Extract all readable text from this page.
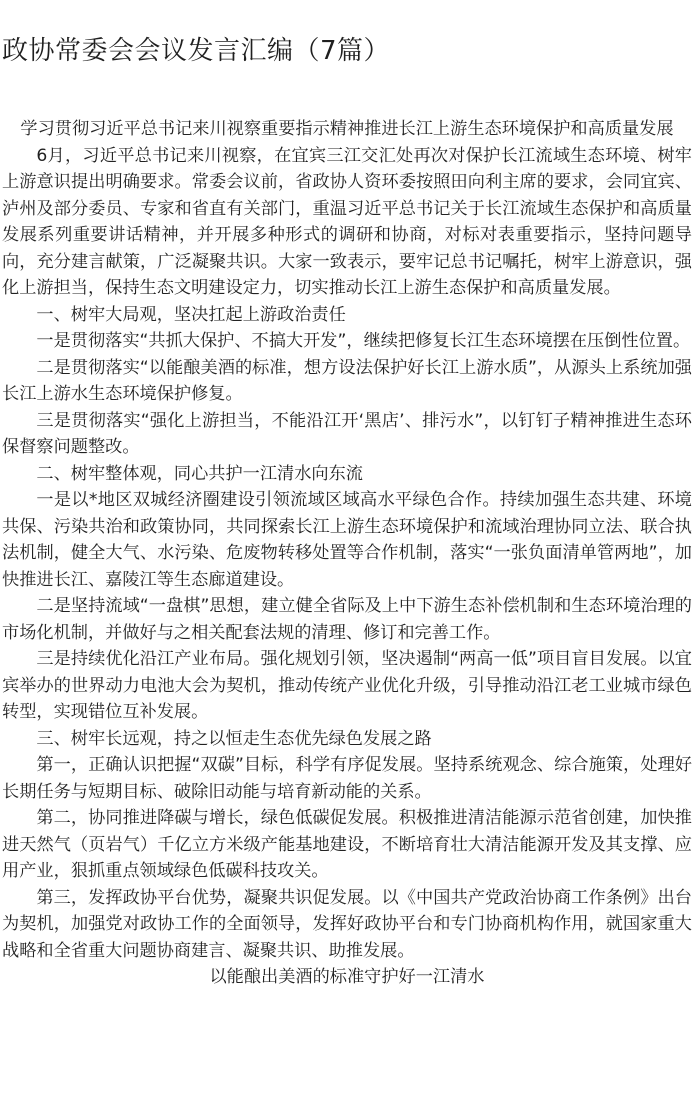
政协常委会会议发言汇编（7篇）
学习贯彻习近平总书记来川视察重要指示精神推进长江上游生态环境保护和高质量发展

6月，习近平总书记来川视察，在宜宾三江交汇处再次对保护长江流域生态环境、树牢上游意识提出明确要求。常委会议前，省政协人资环委按照田向利主席的要求，会同宜宾、泸州及部分委员、专家和省直有关部门，重温习近平总书记关于长江流域生态保护和高质量发展系列重要讲话精神，并开展多种形式的调研和协商，对标对表重要指示，坚持问题导向，充分建言献策，广泛凝聚共识。大家一致表示，要牢记总书记嘱托，树牢上游意识，强化上游担当，保持生态文明建设定力，切实推动长江上游生态保护和高质量发展。

一、树牢大局观，坚决扛起上游政治责任

一是贯彻落实“共抓大保护、不搞大开发”，继续把修复长江生态环境摆在压倒性位置。

二是贯彻落实“以能酿美酒的标准，想方设法保护好长江上游水质”，从源头上系统加强长江上游水生态环境保护修复。

三是贯彻落实“强化上游担当，不能沿江开‘黑店’、排污水”，以钉钉子精神推进生态环保督察问题整改。

二、树牢整体观，同心共护一江清水向东流

一是以*地区双城经济圈建设引领流域区域高水平绿色合作。持续加强生态共建、环境共保、污染共治和政策协同，共同探索长江上游生态环境保护和流域治理协同立法、联合执法机制，健全大气、水污染、危废物转移处置等合作机制，落实“一张负面清单管两地”，加快推进长江、嘉陵江等生态廊道建设。

二是坚持流域“一盘棋”思想，建立健全省际及上中下游生态补偿机制和生态环境治理的市场化机制，并做好与之相关配套法规的清理、修订和完善工作。

三是持续优化沿江产业布局。强化规划引领，坚决遏制“两高一低”项目盲目发展。以宜宾举办的世界动力电池大会为契机，推动传统产业优化升级，引导推动沿江老工业城市绿色转型，实现错位互补发展。

三、树牢长远观，持之以恒走生态优先绿色发展之路

第一，正确认识把握“双碳”目标，科学有序促发展。坚持系统观念、综合施策，处理好长期任务与短期目标、破除旧动能与培育新动能的关系。

第二，协同推进降碳与增长，绿色低碳促发展。积极推进清洁能源示范省创建，加快推进天然气（页岩气）千亿立方米级产能基地建设，不断培育壮大清洁能源开发及其支撑、应用产业，狠抓重点领域绿色低碳科技攻关。

第三，发挥政协平台优势，凝聚共识促发展。以《中国共产党政治协商工作条例》出台为契机，加强党对政协工作的全面领导，发挥好政协平台和专门协商机构作用，就国家重大战略和全省重大问题协商建言、凝聚共识、助推发展。

以能酿出美酒的标准守护好一江清水
